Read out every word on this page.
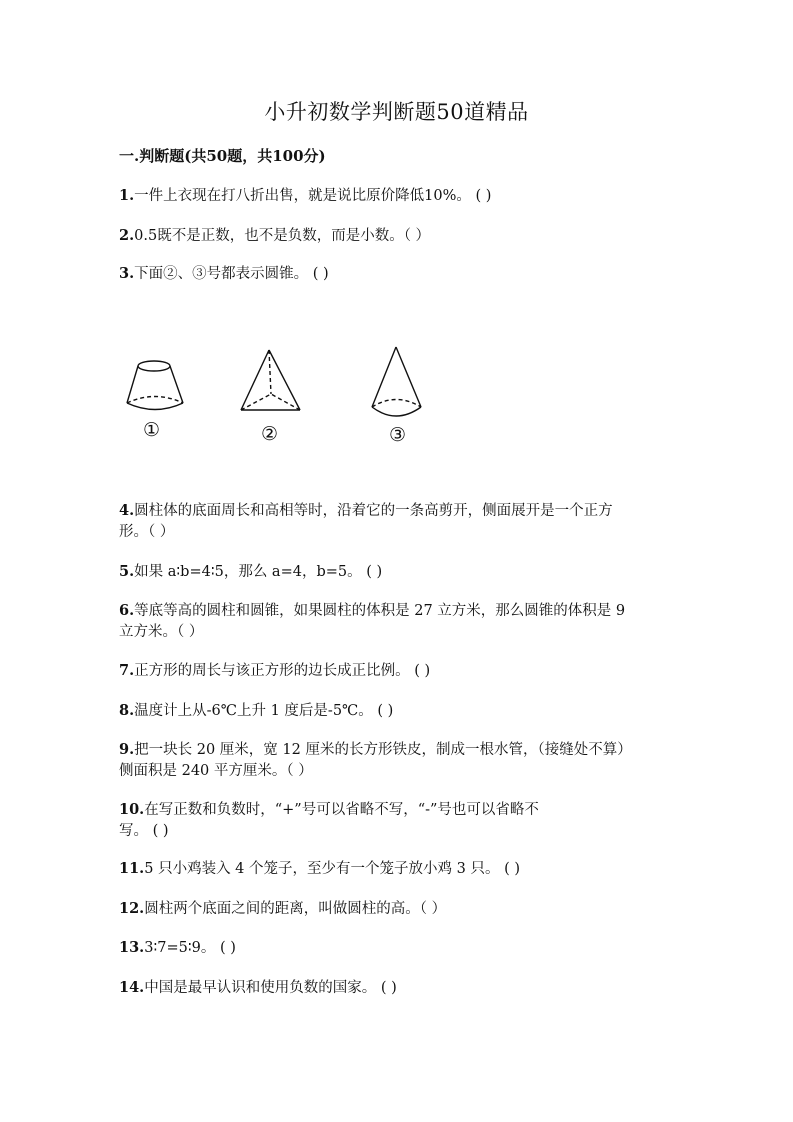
小升初数学判断题50道精品
一.判断题(共50题，共100分)
1.一件上衣现在打八折出售，就是说比原价降低10%。 ( )
2.0.5既不是正数，也不是负数，而是小数。（ ）
3.下面②、③号都表示圆锥。 ( )
①	②	③
4.圆柱体的底面周长和高相等时，沿着它的一条高剪开，侧面展开是一个正方
形。（ ）
5.如果 a∶b=4∶5，那么 a=4，b=5。 ( )
6.等底等高的圆柱和圆锥，如果圆柱的体积是 27 立方米，那么圆锥的体积是 9
立方米。（ ）
7.正方形的周长与该正方形的边长成正比例。 ( )
8.温度计上从-6℃上升 1 度后是-5℃。 ( )
9.把一块长 20 厘米，宽 12 厘米的长方形铁皮，制成一根水管，（接缝处不算）
侧面积是 240 平方厘米。（ ）
10.在写正数和负数时，“+”号可以省略不写，“-”号也可以省略不
写。 ( )
11.5 只小鸡装入 4 个笼子，至少有一个笼子放小鸡 3 只。 ( )
12.圆柱两个底面之间的距离，叫做圆柱的高。（ ）
13.3∶7=5∶9。 ( )
14.中国是最早认识和使用负数的国家。 ( )
